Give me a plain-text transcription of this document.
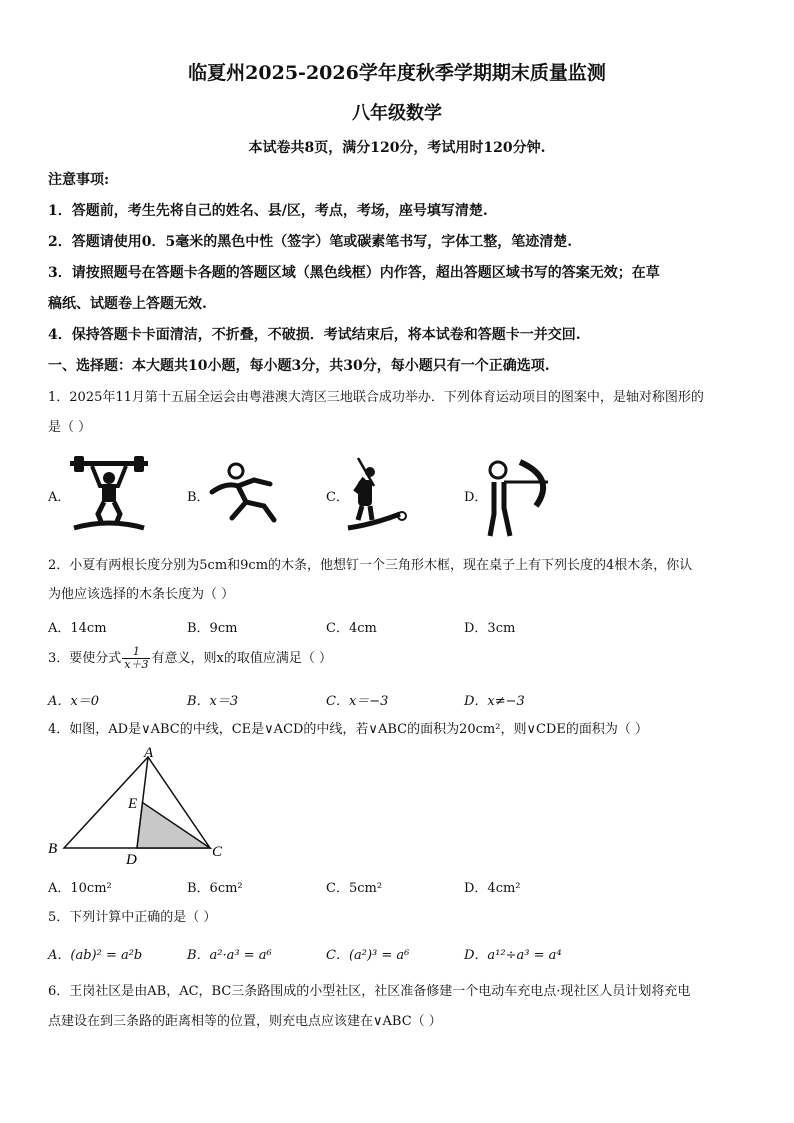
临夏州2025-2026学年度秋季学期期末质量监测
八年级数学
本试卷共8页，满分120分，考试用时120分钟.
注意事项:
1．答题前，考生先将自己的姓名、县/区，考点，考场，座号填写清楚.
2．答题请使用0．5毫米的黑色中性（签字）笔或碳素笔书写，字体工整，笔迹清楚.
3．请按照题号在答题卡各题的答题区域（黑色线框）内作答，超出答题区域书写的答案无效；在草
稿纸、试题卷上答题无效.
4．保持答题卡卡面清洁，不折叠，不破损．考试结束后，将本试卷和答题卡一并交回.
一、选择题：本大题共10小题，每小题3分，共30分，每小题只有一个正确选项.
1．2025年11月第十五届全运会由粤港澳大湾区三地联合成功举办．下列体育运动项目的图案中，是轴对称图形的
是（ ）
A．	B．	C．	D．
2．小夏有两根长度分别为5cm和9cm的木条，他想钉一个三角形木框，现在桌子上有下列长度的4根木条，你认
为他应该选择的木条长度为（ ）
A．14cm	B．9cm	C．4cm	D．3cm
3．要使分式 $\frac{1}{x+3}$ 有意义，则x的取值应满足（ ）
A．x＝0	B．x＝3	C．x＝−3	D．x≠−3
4．如图，AD是∨ABC的中线，CE是∨ACD的中线，若∨ABC的面积为20cm²，则∨CDE的面积为（ ）
A
B	C
D
E
A．10cm²	B．6cm²	C．5cm²	D．4cm²
5．下列计算中正确的是（ ）
A．(ab)² = a²b	B．a²·a³ = a⁶	C．(a²)³ = a⁶	D．a¹²÷a³ = a⁴
6．王岗社区是由AB，AC，BC三条路围成的小型社区，社区准备修建一个电动车充电点·现社区人员计划将充电
点建设在到三条路的距离相等的位置，则充电点应该建在∨ABC（ ）
